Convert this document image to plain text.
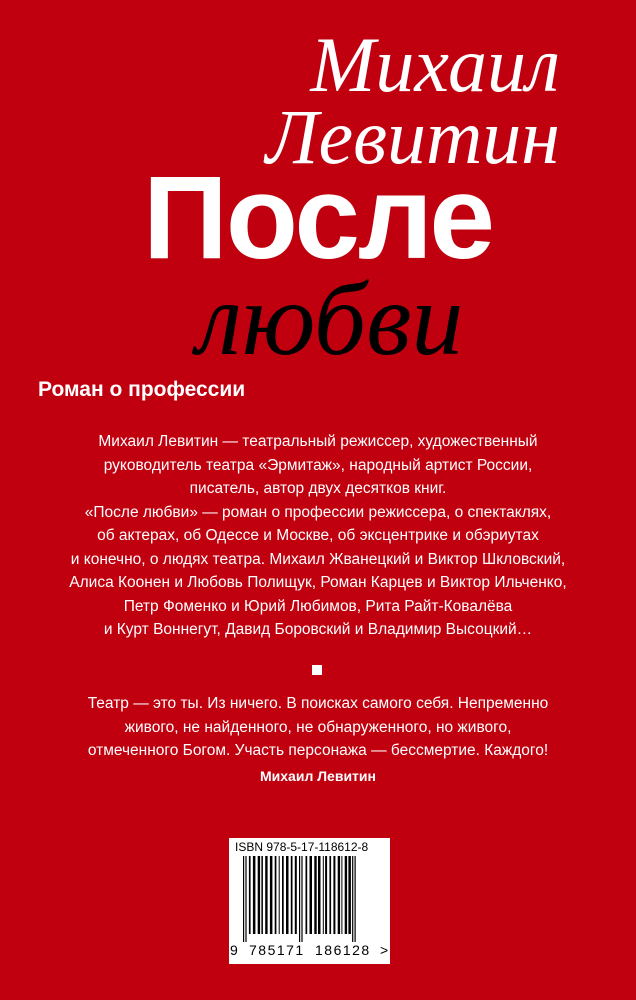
Михаил
Левитин
После
любви
Роман о профессии
Михаил Левитин — театральный режиссер, художественный
руководитель театра «Эрмитаж», народный артист России,
писатель, автор двух десятков книг.
«После любви» — роман о профессии режиссера, о спектаклях,
об актерах, об Одессе и Москве, об эксцентрике и обэриутах
и конечно, о людях театра. Михаил Жванецкий и Виктор Шкловский,
Алиса Коонен и Любовь Полищук, Роман Карцев и Виктор Ильченко,
Петр Фоменко и Юрий Любимов, Рита Райт-Ковалёва
и Курт Воннегут, Давид Боровский и Владимир Высоцкий…
Театр — это ты. Из ничего. В поисках самого себя. Непременно
живого, не найденного, не обнаруженного, но живого,
отмеченного Богом. Участь персонажа — бессмертие. Каждого!
Михаил Левитин
ISBN 978-5-17-118612-8
9 785171 186128 >
